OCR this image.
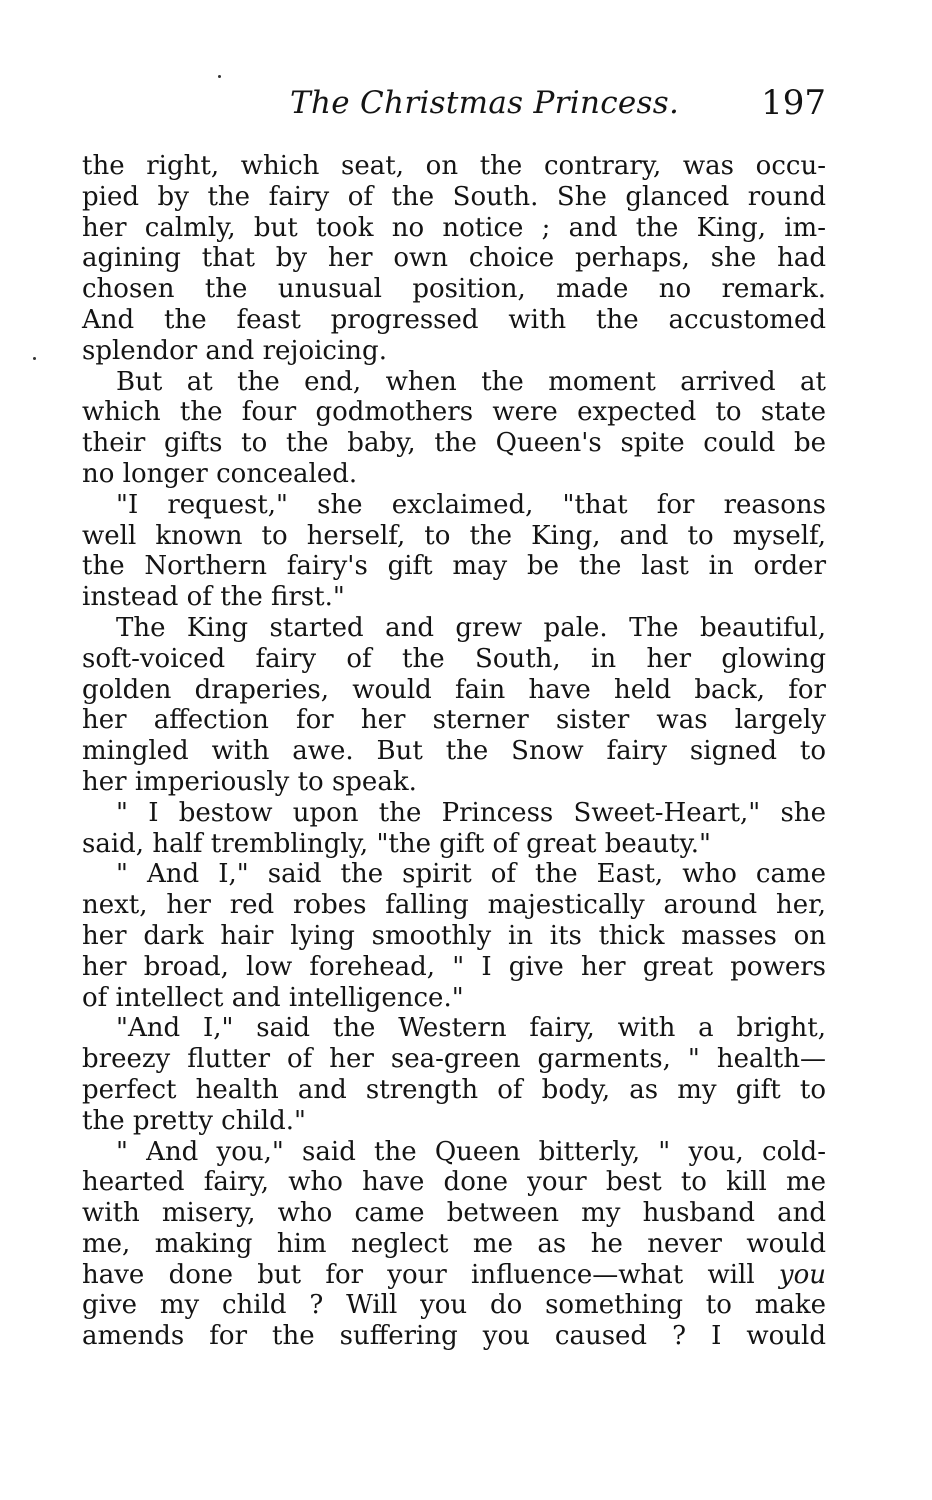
The Christmas Princess. 197
the right, which seat, on the contrary, was occu-
pied by the fairy of the South. She glanced round
her calmly, but took no notice ; and the King, im-
agining that by her own choice perhaps, she had
chosen the unusual position, made no remark.
And the feast progressed with the accustomed
splendor and rejoicing.
But at the end, when the moment arrived at
which the four godmothers were expected to state
their gifts to the baby, the Queen's spite could be
no longer concealed.
"I request," she exclaimed, "that for reasons
well known to herself, to the King, and to myself,
the Northern fairy's gift may be the last in order
instead of the first."
The King started and grew pale. The beautiful,
soft-voiced fairy of the South, in her glowing
golden draperies, would fain have held back, for
her affection for her sterner sister was largely
mingled with awe. But the Snow fairy signed to
her imperiously to speak.
" I bestow upon the Princess Sweet-Heart," she
said, half tremblingly, "the gift of great beauty."
" And I," said the spirit of the East, who came
next, her red robes falling majestically around her,
her dark hair lying smoothly in its thick masses on
her broad, low forehead, " I give her great powers
of intellect and intelligence."
"And I," said the Western fairy, with a bright,
breezy flutter of her sea-green garments, " health—
perfect health and strength of body, as my gift to
the pretty child."
" And you," said the Queen bitterly, " you, cold-
hearted fairy, who have done your best to kill me
with misery, who came between my husband and
me, making him neglect me as he never would
have done but for your influence—what will you
give my child ? Will you do something to make
amends for the suffering you caused ? I would
